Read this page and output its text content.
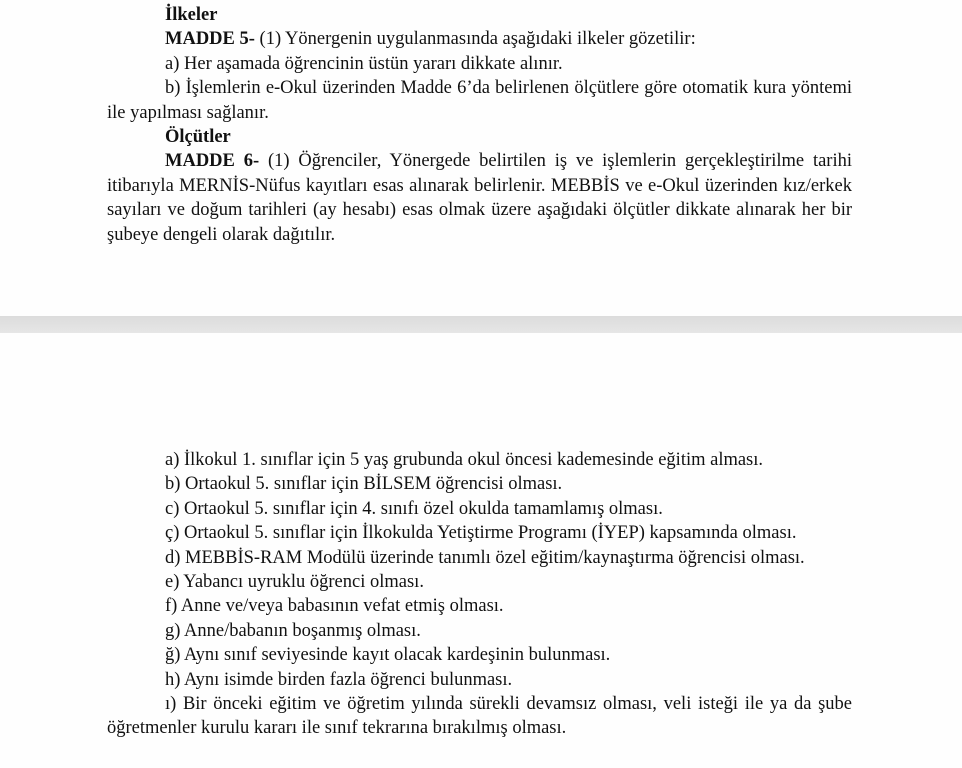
İlkeler

MADDE 5- (1) Yönergenin uygulanmasında aşağıdaki ilkeler gözetilir:

a) Her aşamada öğrencinin üstün yararı dikkate alınır.

b) İşlemlerin e-Okul üzerinden Madde 6’da belirlenen ölçütlere göre otomatik kura yöntemi ile yapılması sağlanır.

Ölçütler

MADDE 6- (1) Öğrenciler, Yönergede belirtilen iş ve işlemlerin gerçekleştirilme tarihi itibarıyla MERNİS-Nüfus kayıtları esas alınarak belirlenir. MEBBİS ve e-Okul üzerinden kız/erkek sayıları ve doğum tarihleri (ay hesabı) esas olmak üzere aşağıdaki ölçütler dikkate alınarak her bir şubeye dengeli olarak dağıtılır.

a) İlkokul 1. sınıflar için 5 yaş grubunda okul öncesi kademesinde eğitim alması.

b) Ortaokul 5. sınıflar için BİLSEM öğrencisi olması.

c) Ortaokul 5. sınıflar için 4. sınıfı özel okulda tamamlamış olması.

ç) Ortaokul 5. sınıflar için İlkokulda Yetiştirme Programı (İYEP) kapsamında olması.

d) MEBBİS-RAM Modülü üzerinde tanımlı özel eğitim/kaynaştırma öğrencisi olması.

e) Yabancı uyruklu öğrenci olması.

f) Anne ve/veya babasının vefat etmiş olması.

g) Anne/babanın boşanmış olması.

ğ) Aynı sınıf seviyesinde kayıt olacak kardeşinin bulunması.

h) Aynı isimde birden fazla öğrenci bulunması.

ı) Bir önceki eğitim ve öğretim yılında sürekli devamsız olması, veli isteği ile ya da şube öğretmenler kurulu kararı ile sınıf tekrarına bırakılmış olması.
